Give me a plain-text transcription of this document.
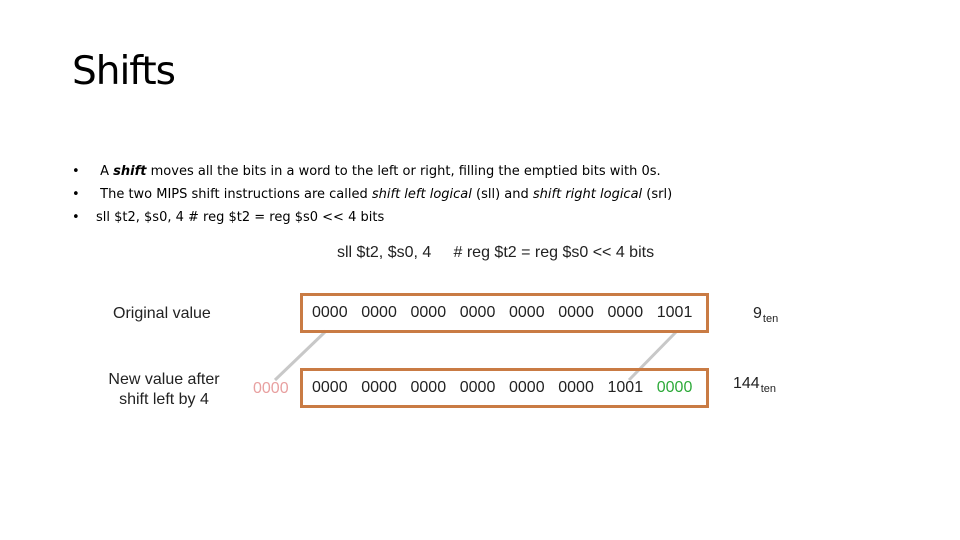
Shifts
• A shift moves all the bits in a word to the left or right, filling the emptied bits with 0s.
• The two MIPS shift instructions are called shift left logical (sll) and shift right logical (srl)
• sll $t2, $s0, 4 # reg $t2 = reg $s0 << 4 bits
sll $t2, $s0, 4     # reg $t2 = reg $s0 << 4 bits
Original value
New value after
shift left by 4
0000 0000 0000 0000 0000 0000 0000 1001
0000 0000 0000 0000 0000 0000 0000 1001 0000
$9_{ten}$
$144_{ten}$
